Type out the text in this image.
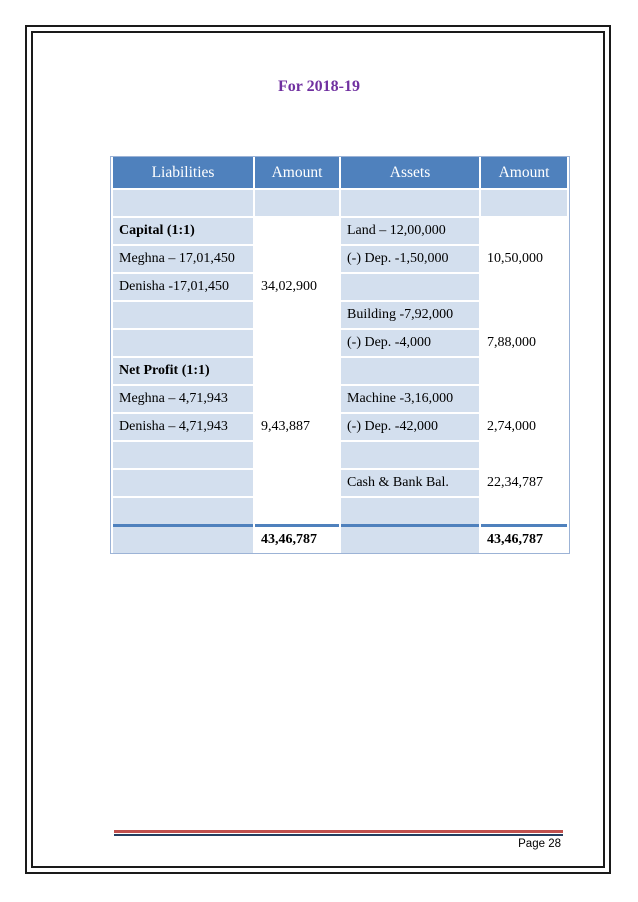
For 2018-19
Liabilities	Amount	Assets	Amount

Capital (1:1)		Land – 12,00,000	
Meghna – 17,01,450		(-) Dep. -1,50,000	10,50,000
Denisha -17,01,450	34,02,900		
		Building -7,92,000	
		(-) Dep. -4,000	7,88,000
Net Profit (1:1)			
Meghna – 4,71,943		Machine -3,16,000	
Denisha – 4,71,943	9,43,887	(-) Dep. -42,000	2,74,000

		Cash & Bank Bal.	22,34,787

	43,46,787		43,46,787
Page 28
